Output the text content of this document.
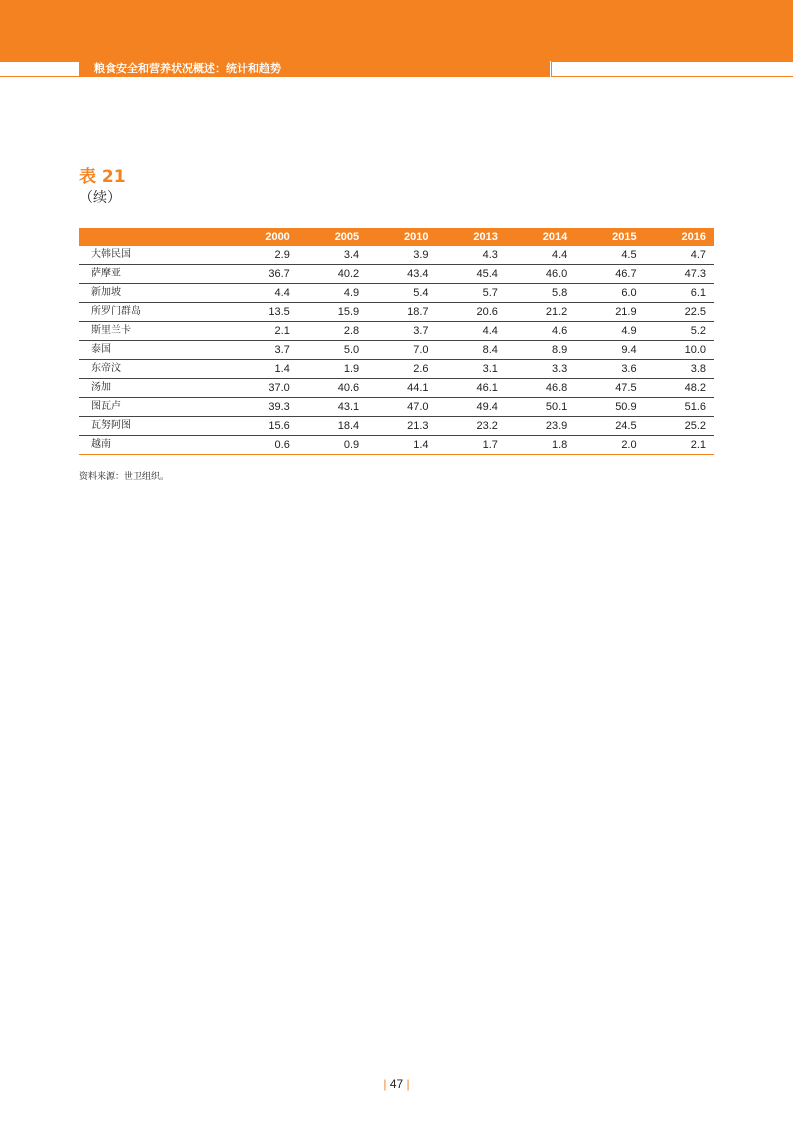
粮食安全和营养状况概述：统计和趋势
表 21
（续）
	2000	2005	2010	2013	2014	2015	2016
大韩民国	2.9	3.4	3.9	4.3	4.4	4.5	4.7
萨摩亚	36.7	40.2	43.4	45.4	46.0	46.7	47.3
新加坡	4.4	4.9	5.4	5.7	5.8	6.0	6.1
所罗门群岛	13.5	15.9	18.7	20.6	21.2	21.9	22.5
斯里兰卡	2.1	2.8	3.7	4.4	4.6	4.9	5.2
泰国	3.7	5.0	7.0	8.4	8.9	9.4	10.0
东帝汶	1.4	1.9	2.6	3.1	3.3	3.6	3.8
汤加	37.0	40.6	44.1	46.1	46.8	47.5	48.2
图瓦卢	39.3	43.1	47.0	49.4	50.1	50.9	51.6
瓦努阿图	15.6	18.4	21.3	23.2	23.9	24.5	25.2
越南	0.6	0.9	1.4	1.7	1.8	2.0	2.1
资料来源：世卫组织。
| 47 |
